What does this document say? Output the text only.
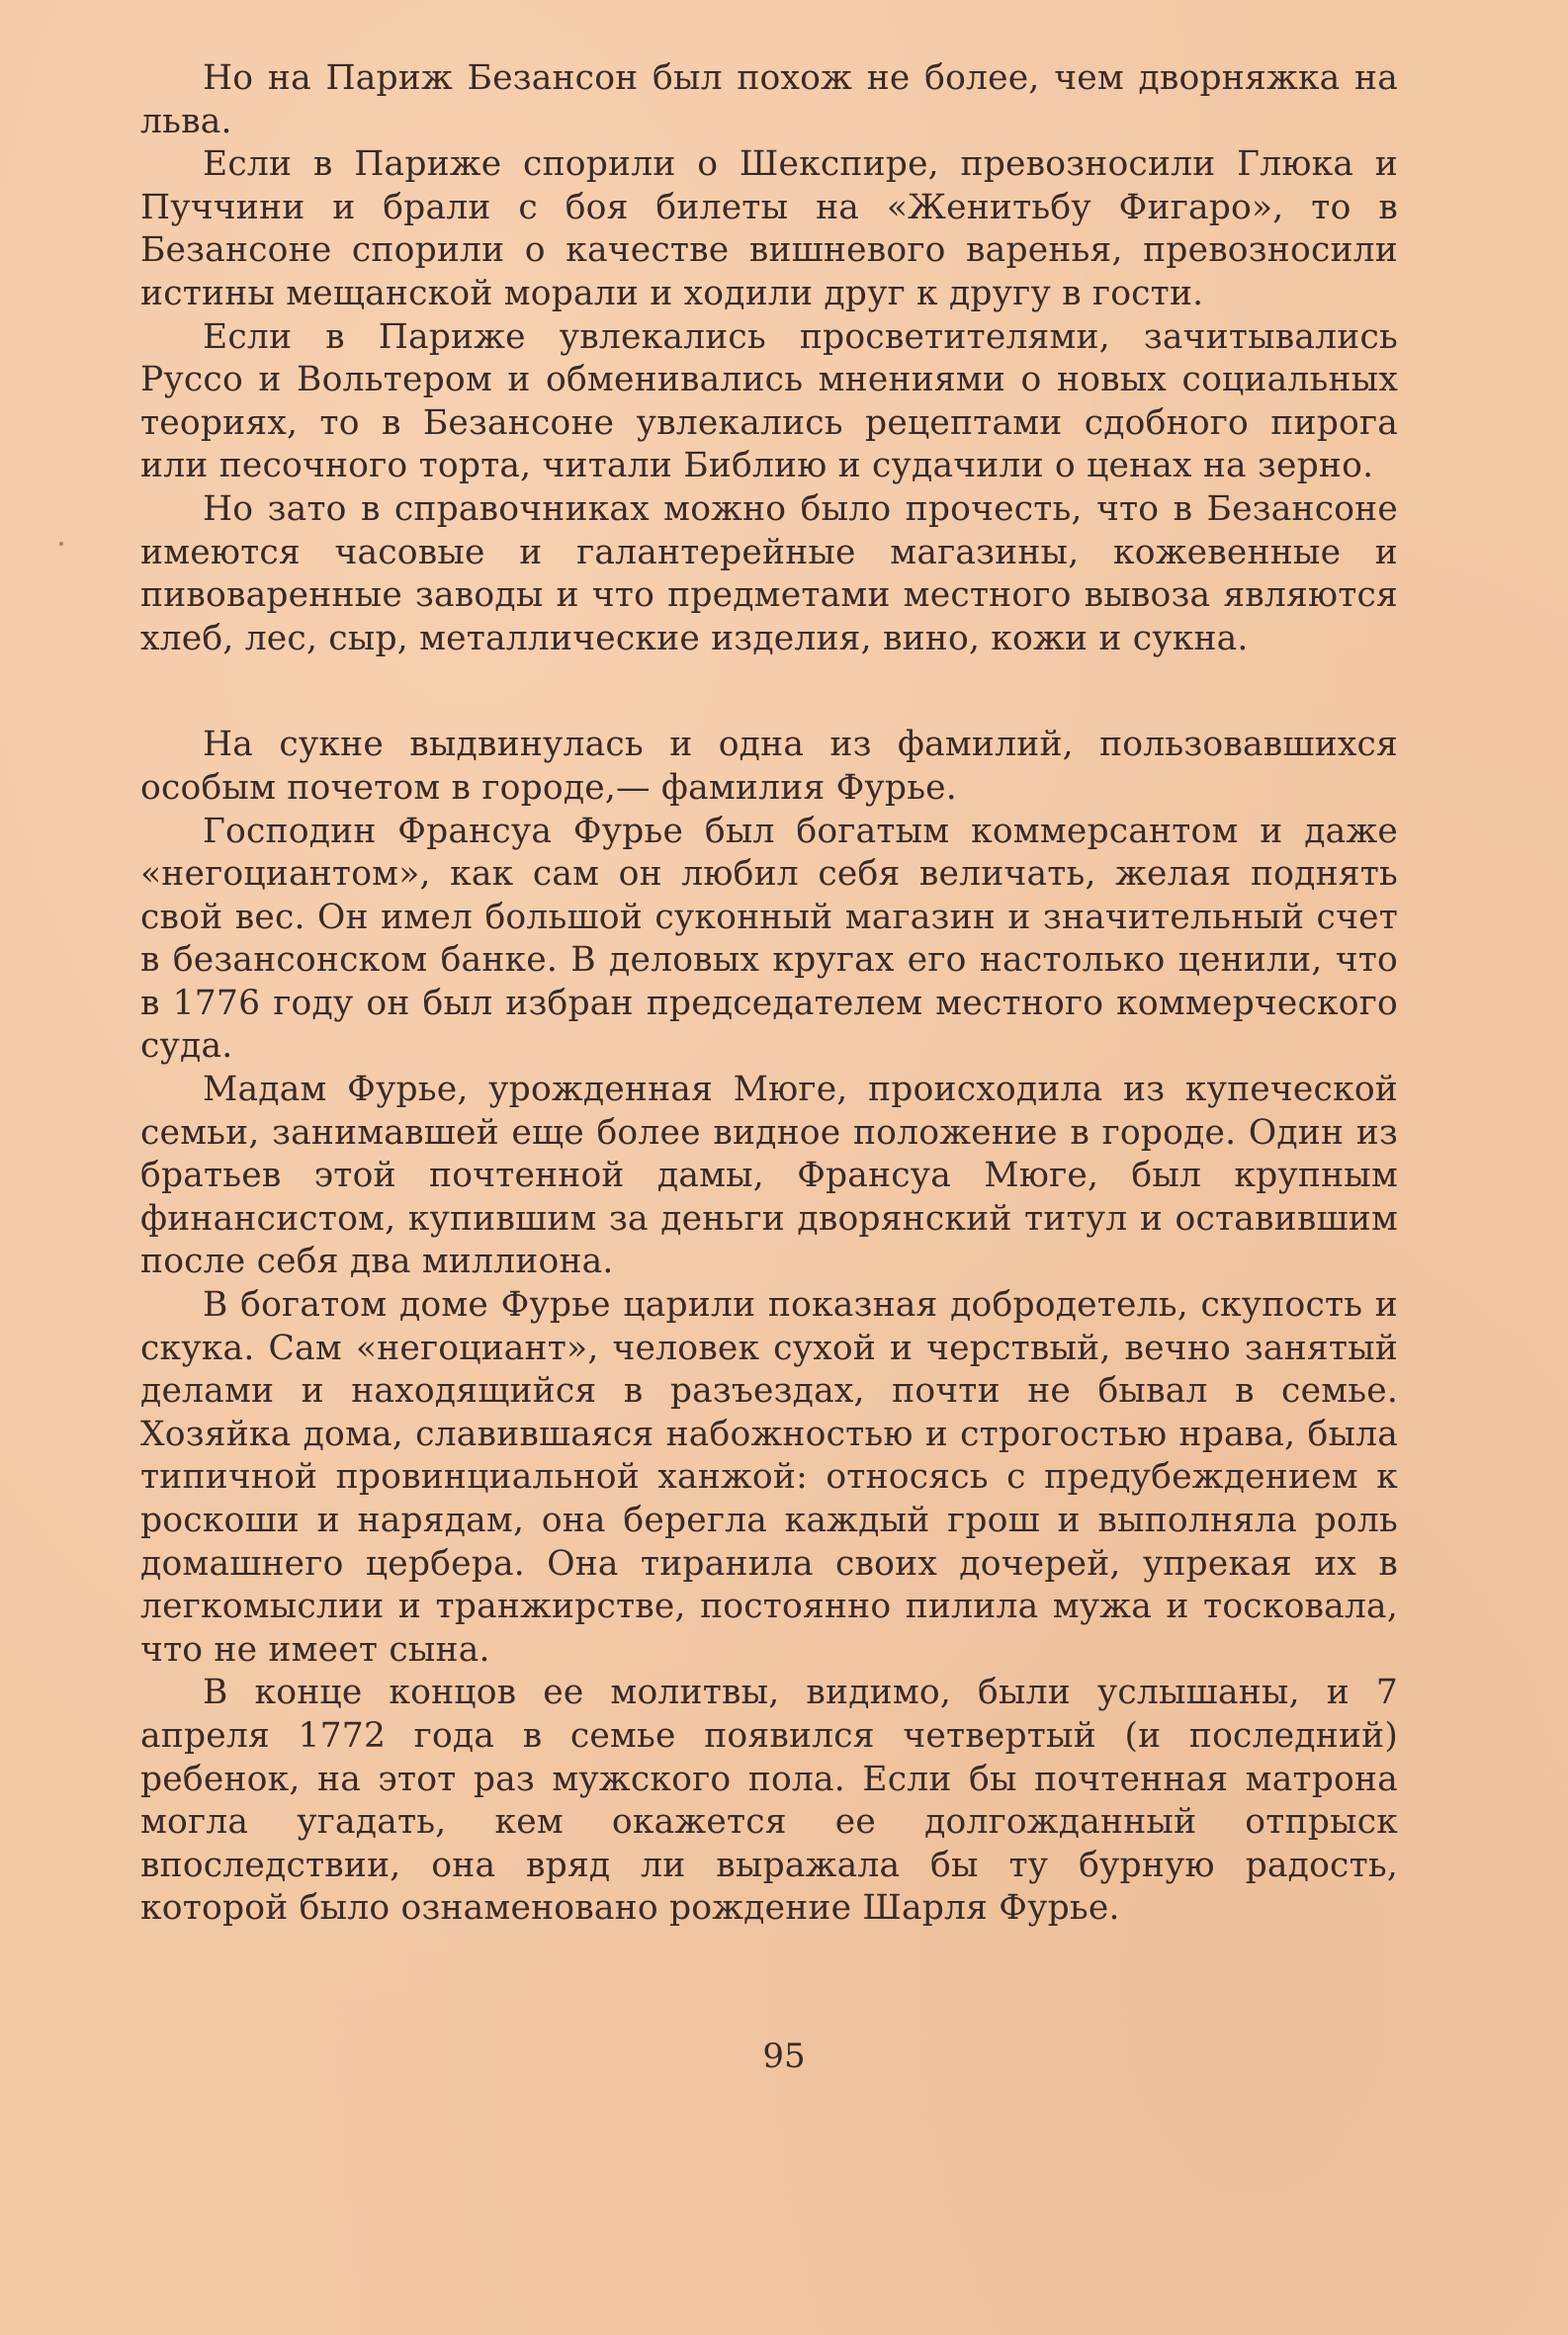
Но на Париж Безансон был похож не более, чем дворняжка на льва.

Если в Париже спорили о Шекспире, превозносили Глюка и Пуччини и брали с боя билеты на «Женитьбу Фигаро», то в Безансоне спорили о качестве вишневого варенья, превозносили истины мещанской морали и ходили друг к другу в гости.

Если в Париже увлекались просветителями, зачитывались Руссо и Вольтером и обменивались мнениями о новых социальных теориях, то в Безансоне увлекались рецептами сдобного пирога или песочного торта, читали Библию и судачили о ценах на зерно.

Но зато в справочниках можно было прочесть, что в Безансоне имеются часовые и галантерейные магазины, кожевенные и пивоваренные заводы и что предметами местного вывоза являются хлеб, лес, сыр, металлические изделия, вино, кожи и сукна.

На сукне выдвинулась и одна из фамилий, пользовавшихся особым почетом в городе,— фамилия Фурье.

Господин Франсуа Фурье был богатым коммерсантом и даже «негоциантом», как сам он любил себя величать, желая поднять свой вес. Он имел большой суконный магазин и значительный счет в безансонском банке. В деловых кругах его настолько ценили, что в 1776 году он был избран председателем местного коммерческого суда.

Мадам Фурье, урожденная Мюге, происходила из купеческой семьи, занимавшей еще более видное положение в городе. Один из братьев этой почтенной дамы, Франсуа Мюге, был крупным финансистом, купившим за деньги дворянский титул и оставившим после себя два миллиона.

В богатом доме Фурье царили показная добродетель, скупость и скука. Сам «негоциант», человек сухой и черствый, вечно занятый делами и находящийся в разъездах, почти не бывал в семье. Хозяйка дома, славившаяся набожностью и строгостью нрава, была типичной провинциальной ханжой: относясь с предубеждением к роскоши и нарядам, она берегла каждый грош и выполняла роль домашнего цербера. Она тиранила своих дочерей, упрекая их в легкомыслии и транжирстве, постоянно пилила мужа и тосковала, что не имеет сына.

В конце концов ее молитвы, видимо, были услышаны, и 7 апреля 1772 года в семье появился четвертый (и последний) ребенок, на этот раз мужского пола. Если бы почтенная матрона могла угадать, кем окажется ее долгожданный отпрыск впоследствии, она вряд ли выражала бы ту бурную радость, которой было ознаменовано рождение Шарля Фурье.

95
